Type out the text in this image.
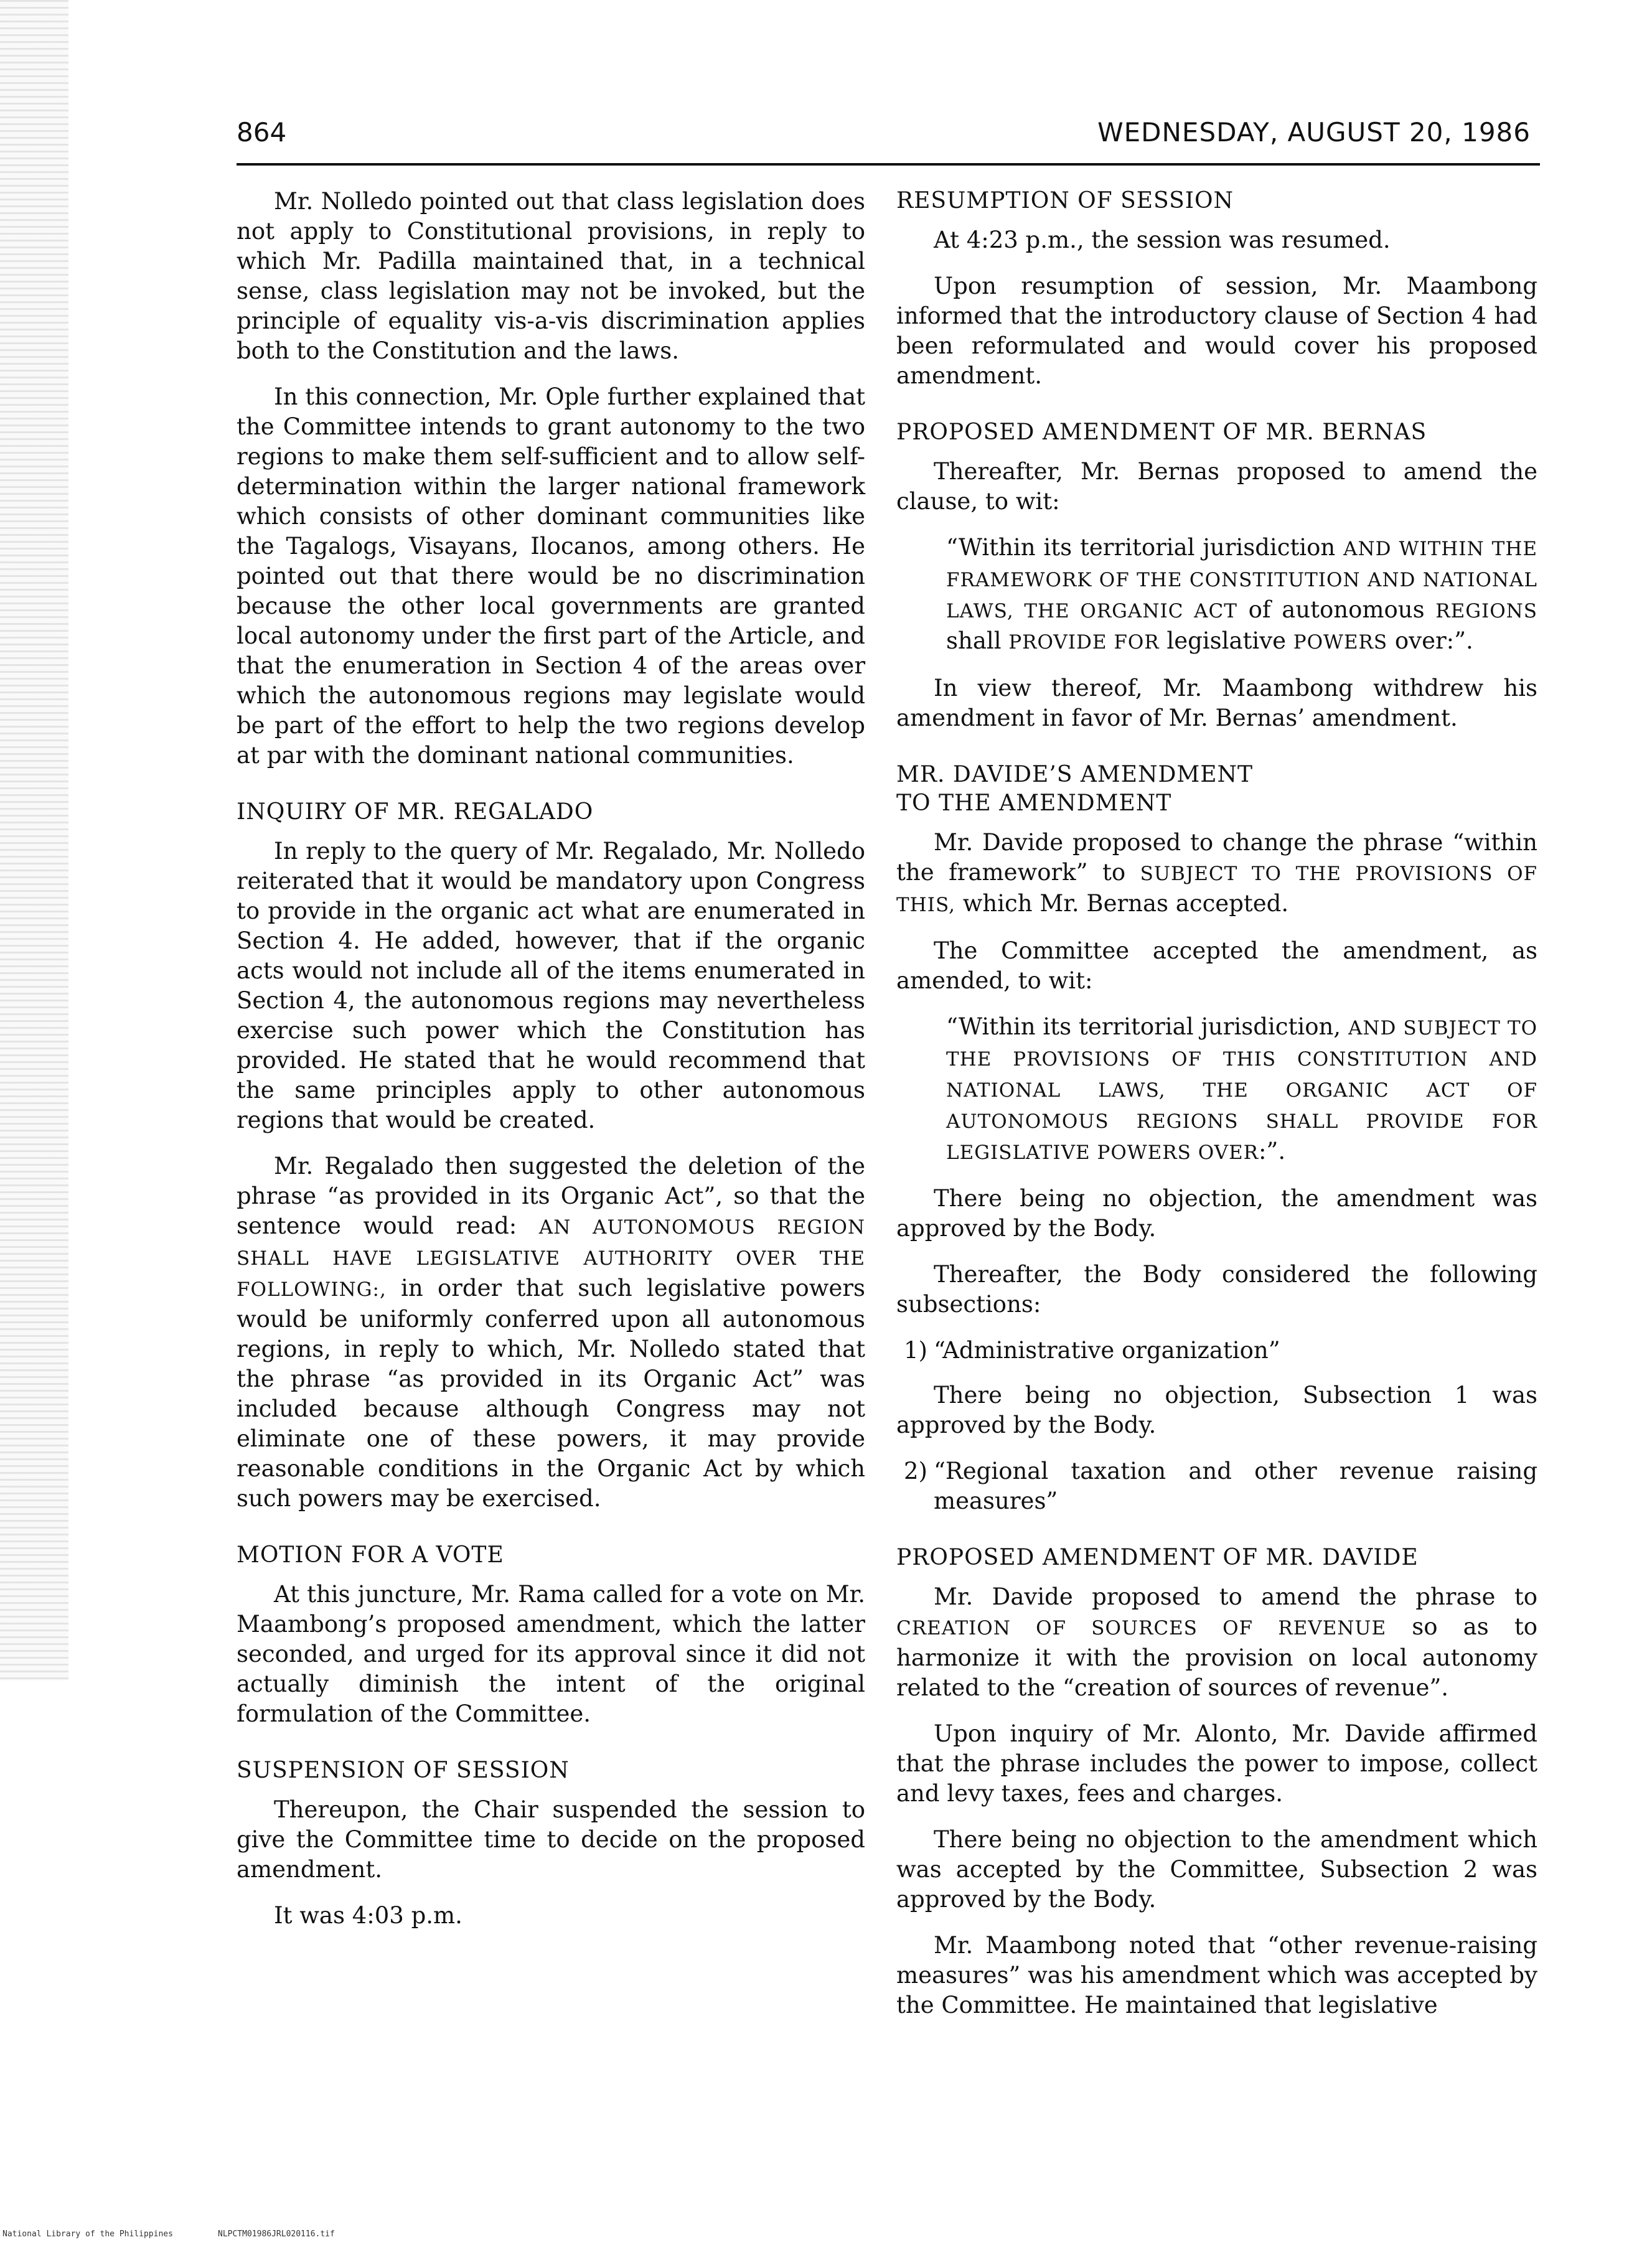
864	WEDNESDAY, AUGUST 20, 1986

Mr. Nolledo pointed out that class legislation does not apply to Constitutional provisions, in reply to which Mr. Padilla maintained that, in a technical sense, class legislation may not be invoked, but the principle of equality vis-a-vis discrimination applies both to the Constitution and the laws.

In this connection, Mr. Ople further explained that the Committee intends to grant autonomy to the two regions to make them self-sufficient and to allow self-determination within the larger national framework which consists of other dominant communities like the Tagalogs, Visayans, Ilocanos, among others. He pointed out that there would be no discrimination because the other local governments are granted local autonomy under the first part of the Article, and that the enumeration in Section 4 of the areas over which the autonomous regions may legislate would be part of the effort to help the two regions develop at par with the dominant national communities.

INQUIRY OF MR. REGALADO

In reply to the query of Mr. Regalado, Mr. Nolledo reiterated that it would be mandatory upon Congress to provide in the organic act what are enumerated in Section 4. He added, however, that if the organic acts would not include all of the items enumerated in Section 4, the autonomous regions may nevertheless exercise such power which the Constitution has provided. He stated that he would recommend that the same principles apply to other autonomous regions that would be created.

Mr. Regalado then suggested the deletion of the phrase “as provided in its Organic Act”, so that the sentence would read: AN AUTONOMOUS REGION SHALL HAVE LEGISLATIVE AUTHORITY OVER THE FOLLOWING:, in order that such legislative powers would be uniformly conferred upon all autonomous regions, in reply to which, Mr. Nolledo stated that the phrase “as provided in its Organic Act” was included because although Congress may not eliminate one of these powers, it may provide reasonable conditions in the Organic Act by which such powers may be exercised.

MOTION FOR A VOTE

At this juncture, Mr. Rama called for a vote on Mr. Maambong’s proposed amendment, which the latter seconded, and urged for its approval since it did not actually diminish the intent of the original formulation of the Committee.

SUSPENSION OF SESSION

Thereupon, the Chair suspended the session to give the Committee time to decide on the proposed amendment.

It was 4:03 p.m.

RESUMPTION OF SESSION

At 4:23 p.m., the session was resumed.

Upon resumption of session, Mr. Maambong informed that the introductory clause of Section 4 had been reformulated and would cover his proposed amendment.

PROPOSED AMENDMENT OF MR. BERNAS

Thereafter, Mr. Bernas proposed to amend the clause, to wit:

“Within its territorial jurisdiction AND WITHIN THE FRAMEWORK OF THE CONSTITUTION AND NATIONAL LAWS, THE ORGANIC ACT of autonomous REGIONS shall PROVIDE FOR legislative POWERS over:”.

In view thereof, Mr. Maambong withdrew his amendment in favor of Mr. Bernas’ amendment.

MR. DAVIDE’S AMENDMENT
TO THE AMENDMENT

Mr. Davide proposed to change the phrase “within the framework” to SUBJECT TO THE PROVISIONS OF THIS, which Mr. Bernas accepted.

The Committee accepted the amendment, as amended, to wit:

“Within its territorial jurisdiction, AND SUBJECT TO THE PROVISIONS OF THIS CONSTITUTION AND NATIONAL LAWS, THE ORGANIC ACT OF AUTONOMOUS REGIONS SHALL PROVIDE FOR LEGISLATIVE POWERS OVER:”.

There being no objection, the amendment was approved by the Body.

Thereafter, the Body considered the following subsections:

1) “Administrative organization”

There being no objection, Subsection 1 was approved by the Body.

2) “Regional taxation and other revenue raising measures”

PROPOSED AMENDMENT OF MR. DAVIDE

Mr. Davide proposed to amend the phrase to CREATION OF SOURCES OF REVENUE so as to harmonize it with the provision on local autonomy related to the “creation of sources of revenue”.

Upon inquiry of Mr. Alonto, Mr. Davide affirmed that the phrase includes the power to impose, collect and levy taxes, fees and charges.

There being no objection to the amendment which was accepted by the Committee, Subsection 2 was approved by the Body.

Mr. Maambong noted that “other revenue-raising measures” was his amendment which was accepted by the Committee. He maintained that legislative

National Library of the Philippines	NLPCTM01986JRL020116.tif
